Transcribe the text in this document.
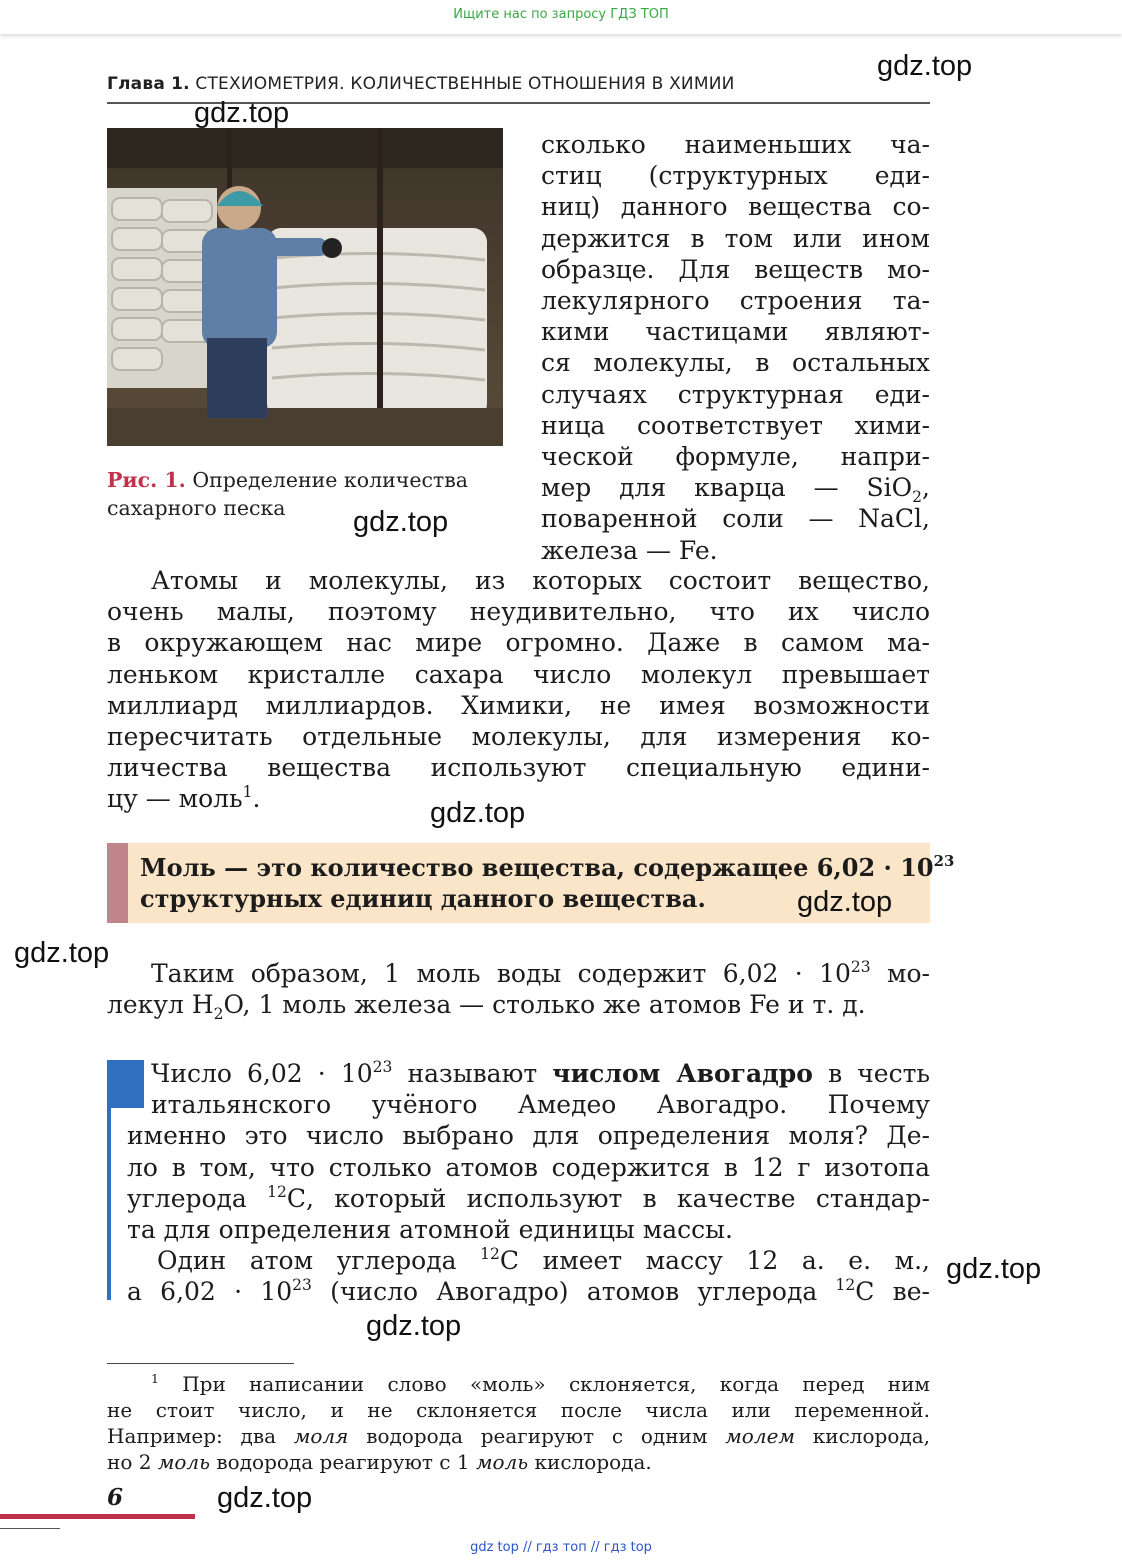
Ищите нас по запросу ГДЗ ТОП
Глава 1. СТЕХИОМЕТРИЯ. КОЛИЧЕСТВЕННЫЕ ОТНОШЕНИЯ В ХИМИИ
Рис. 1. Определение количества
сахарного песка
сколько наименьших ча-
стиц (структурных еди-
ниц) данного вещества со-
держится в том или ином
образце. Для веществ мо-
лекулярного строения та-
кими частицами являют-
ся молекулы, в остальных
случаях структурная еди-
ница соответствует хими-
ческой формуле, напри-
мер для кварца — SiO$_2$,
поваренной соли — NaCl,
железа — Fe.
Атомы и молекулы, из которых состоит вещество,
очень малы, поэтому неудивительно, что их число
в окружающем нас мире огромно. Даже в самом ма-
леньком кристалле сахара число молекул превышает
миллиард миллиардов. Химики, не имея возможности
пересчитать отдельные молекулы, для измерения ко-
личества вещества используют специальную едини-
цу — моль$^1$.
Моль — это количество вещества, содержащее $6,02 \cdot 10^{23}$
структурных единиц данного вещества.
Таким образом, 1 моль воды содержит $6,02 \cdot 10^{23}$ мо-
лекул $H_2O$, 1 моль железа — столько же атомов Fe и т. д.
Число $6,02 \cdot 10^{23}$ называют числом Авогадро в честь
итальянского учёного Амедео Авогадро. Почему
именно это число выбрано для определения моля? Де-
ло в том, что столько атомов содержится в 12 г изотопа
углерода $^{12}$С, который используют в качестве стандар-
та для определения атомной единицы массы.
Один атом углерода $^{12}$С имеет массу 12 а. е. м.,
а $6,02 \cdot 10^{23}$ (число Авогадро) атомов углерода $^{12}$С ве-
$^1$ При написании слово «моль» склоняется, когда перед ним
не стоит число, и не склоняется после числа или переменной.
Например: два моля водорода реагируют с одним молем кислорода,
но 2 моль водорода реагируют с 1 моль кислорода.
6
gdz.top
gdz.top
gdz.top
gdz.top
gdz.top
gdz.top
gdz.top
gdz.top
gdz.top
gdz top // гдз топ // гдз top
